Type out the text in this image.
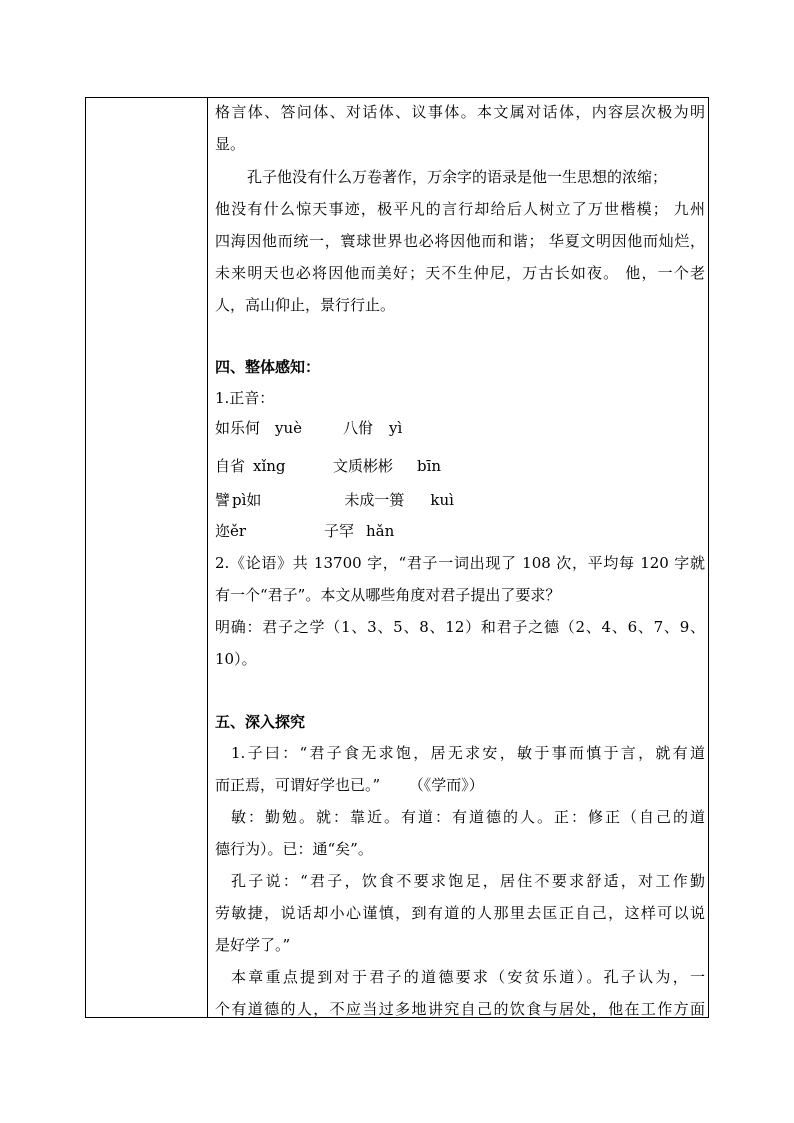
格言体、答问体、对话体、议事体。本文属对话体，内容层次极为明
显。
孔子他没有什么万卷著作，万余字的语录是他一生思想的浓缩；
他没有什么惊天事迹，极平凡的言行却给后人树立了万世楷模； 九州
四海因他而统一，寰球世界也必将因他而和谐； 华夏文明因他而灿烂，
未来明天也必将因他而美好；天不生仲尼，万古长如夜。 他，一个老
人，高山仰止，景行行止。
四、整体感知：
1.正音：
如乐何 yuè	八佾 yì
自省 xǐng	文质彬彬 bīn
譬 pì如	未成一篑 kuì
迩ěr	子罕 hǎn
2.《论语》共 13700 字，“君子一词出现了 108 次，平均每 120 字就
有一个“君子”。本文从哪些角度对君子提出了要求？
明确：君子之学（1、3、5、8、12）和君子之德（2、4、6、7、9、
10）。
五、深入探究
1.子曰：“君子食无求饱，居无求安，敏于事而慎于言，就有道
而正焉，可谓好学也已。”      （《学而》）
敏：勤勉。就：靠近。有道：有道德的人。正：修正（自己的道
德行为）。已：通“矣”。
孔子说：“君子，饮食不要求饱足，居住不要求舒适，对工作勤
劳敏捷，说话却小心谨慎，到有道的人那里去匡正自己，这样可以说
是好学了。”
本章重点提到对于君子的道德要求（安贫乐道）。孔子认为，一
个有道德的人，不应当过多地讲究自己的饮食与居处，他在工作方面
